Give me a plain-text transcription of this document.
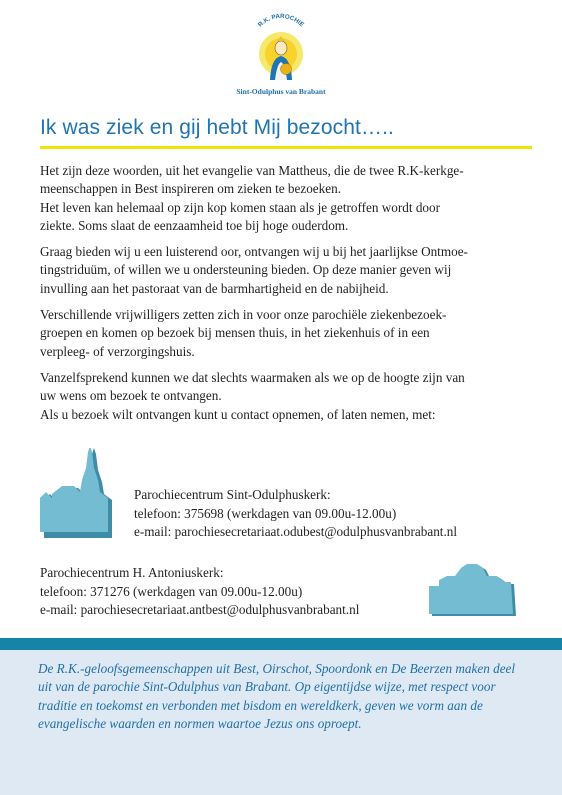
R.K. PAROCHIE
Sint-Odulphus van Brabant
Ik was ziek en gij hebt Mij bezocht…..

Het zijn deze woorden, uit het evangelie van Mattheus, die de twee R.K-kerkge-
meenschappen in Best inspireren om zieken te bezoeken.
Het leven kan helemaal op zijn kop komen staan als je getroffen wordt door
ziekte. Soms slaat de eenzaamheid toe bij hoge ouderdom.

Graag bieden wij u een luisterend oor, ontvangen wij u bij het jaarlijkse Ontmoe-
tingstriduüm, of willen we u ondersteuning bieden. Op deze manier geven wij
invulling aan het pastoraat van de barmhartigheid en de nabijheid.

Verschillende vrijwilligers zetten zich in voor onze parochiële ziekenbezoek-
groepen en komen op bezoek bij mensen thuis, in het ziekenhuis of in een
verpleeg- of verzorgingshuis.

Vanzelfsprekend kunnen we dat slechts waarmaken als we op de hoogte zijn van
uw wens om bezoek te ontvangen.
Als u bezoek wilt ontvangen kunt u contact opnemen, of laten nemen, met:

Parochiecentrum Sint-Odulphuskerk:
telefoon: 375698 (werkdagen van 09.00u-12.00u)
e-mail: parochiesecretariaat.odubest@odulphusvanbrabant.nl
Parochiecentrum H. Antoniuskerk:
telefoon: 371276 (werkdagen van 09.00u-12.00u)
e-mail: parochiesecretariaat.antbest@odulphusvanbrabant.nl
De R.K.-geloofsgemeenschappen uit Best, Oirschot, Spoordonk en De Beerzen maken deel uit van de parochie Sint-Odulphus van Brabant. Op eigentijdse wijze, met respect voor traditie en toekomst en verbonden met bisdom en wereldkerk, geven we vorm aan de evangelische waarden en normen waartoe Jezus ons oproept.
